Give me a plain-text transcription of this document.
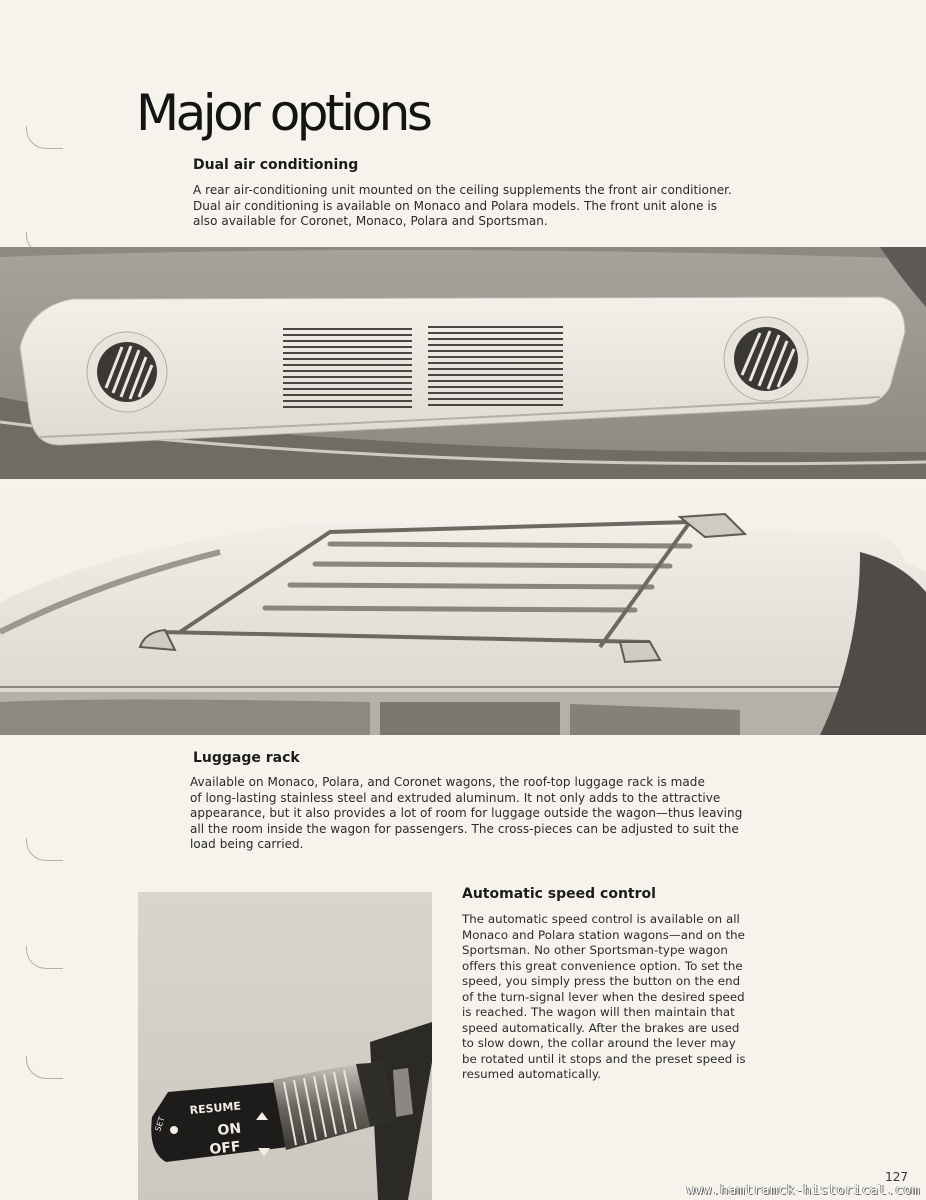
Major options
Dual air conditioning
A rear air-conditioning unit mounted on the ceiling supplements the front air conditioner.
Dual air conditioning is available on Monaco and Polara models. The front unit alone is
also available for Coronet, Monaco, Polara and Sportsman.
Luggage rack
Available on Monaco, Polara, and Coronet wagons, the roof-top luggage rack is made
of long-lasting stainless steel and extruded aluminum. It not only adds to the attractive
appearance, but it also provides a lot of room for luggage outside the wagon—thus leaving
all the room inside the wagon for passengers. The cross-pieces can be adjusted to suit the
load being carried.
SET
RESUME
ON
OFF
Automatic speed control
The automatic speed control is available on all
Monaco and Polara station wagons—and on the
Sportsman. No other Sportsman-type wagon
offers this great convenience option. To set the
speed, you simply press the button on the end
of the turn-signal lever when the desired speed
is reached. The wagon will then maintain that
speed automatically. After the brakes are used
to slow down, the collar around the lever may
be rotated until it stops and the preset speed is
resumed automatically.
127
www.hamtramck-historical.com
